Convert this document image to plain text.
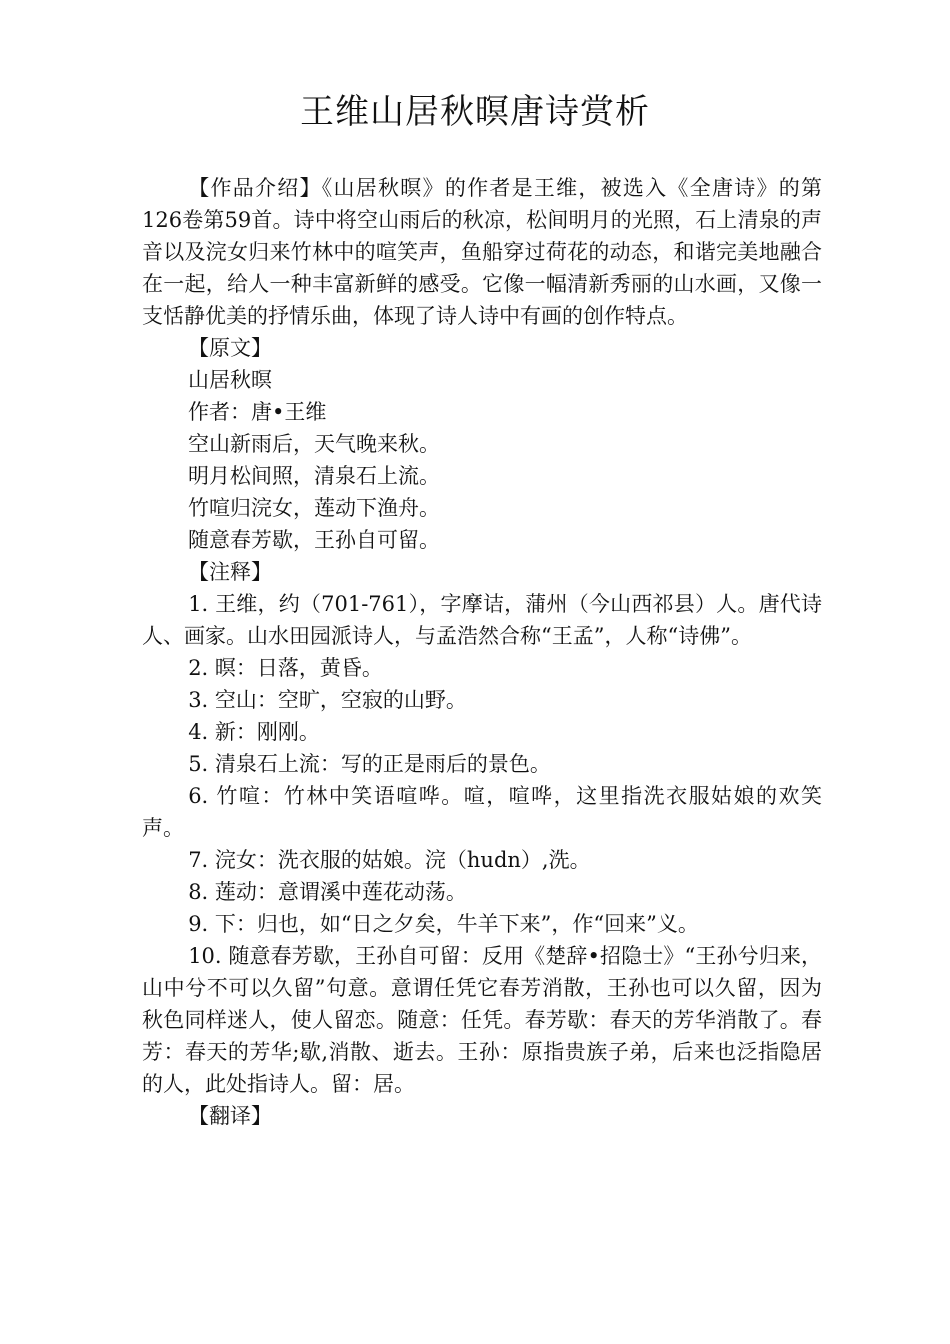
王维山居秋暝唐诗赏析

【作品介绍】《山居秋暝》的作者是王维，被选入《全唐诗》的第126卷第59首。诗中将空山雨后的秋凉，松间明月的光照，石上清泉的声音以及浣女归来竹林中的喧笑声，鱼船穿过荷花的动态，和谐完美地融合在一起，给人一种丰富新鲜的感受。它像一幅清新秀丽的山水画，又像一支恬静优美的抒情乐曲，体现了诗人诗中有画的创作特点。

【原文】

山居秋暝

作者：唐•王维

空山新雨后，天气晚来秋。

明月松间照，清泉石上流。

竹喧归浣女，莲动下渔舟。

随意春芳歇，王孙自可留。

【注释】

1. 王维，约（701-761），字摩诘，蒲州（今山西祁县）人。唐代诗人、画家。山水田园派诗人，与孟浩然合称“王孟”，人称“诗佛”。

2. 暝：日落，黄昏。

3. 空山：空旷，空寂的山野。

4. 新：刚刚。

5. 清泉石上流：写的正是雨后的景色。

6. 竹喧：竹林中笑语喧哗。喧，喧哗，这里指洗衣服姑娘的欢笑声。

7. 浣女：洗衣服的姑娘。浣（hudn）,洗。

8. 莲动：意谓溪中莲花动荡。

9. 下：归也，如“日之夕矣，牛羊下来”，作“回来”义。

10. 随意春芳歇，王孙自可留：反用《楚辞•招隐士》“王孙兮归来，山中兮不可以久留”句意。意谓任凭它春芳消散，王孙也可以久留，因为秋色同样迷人，使人留恋。随意：任凭。春芳歇：春天的芳华消散了。春芳：春天的芳华;歇,消散、逝去。王孙：原指贵族子弟，后来也泛指隐居的人，此处指诗人。留：居。

【翻译】
